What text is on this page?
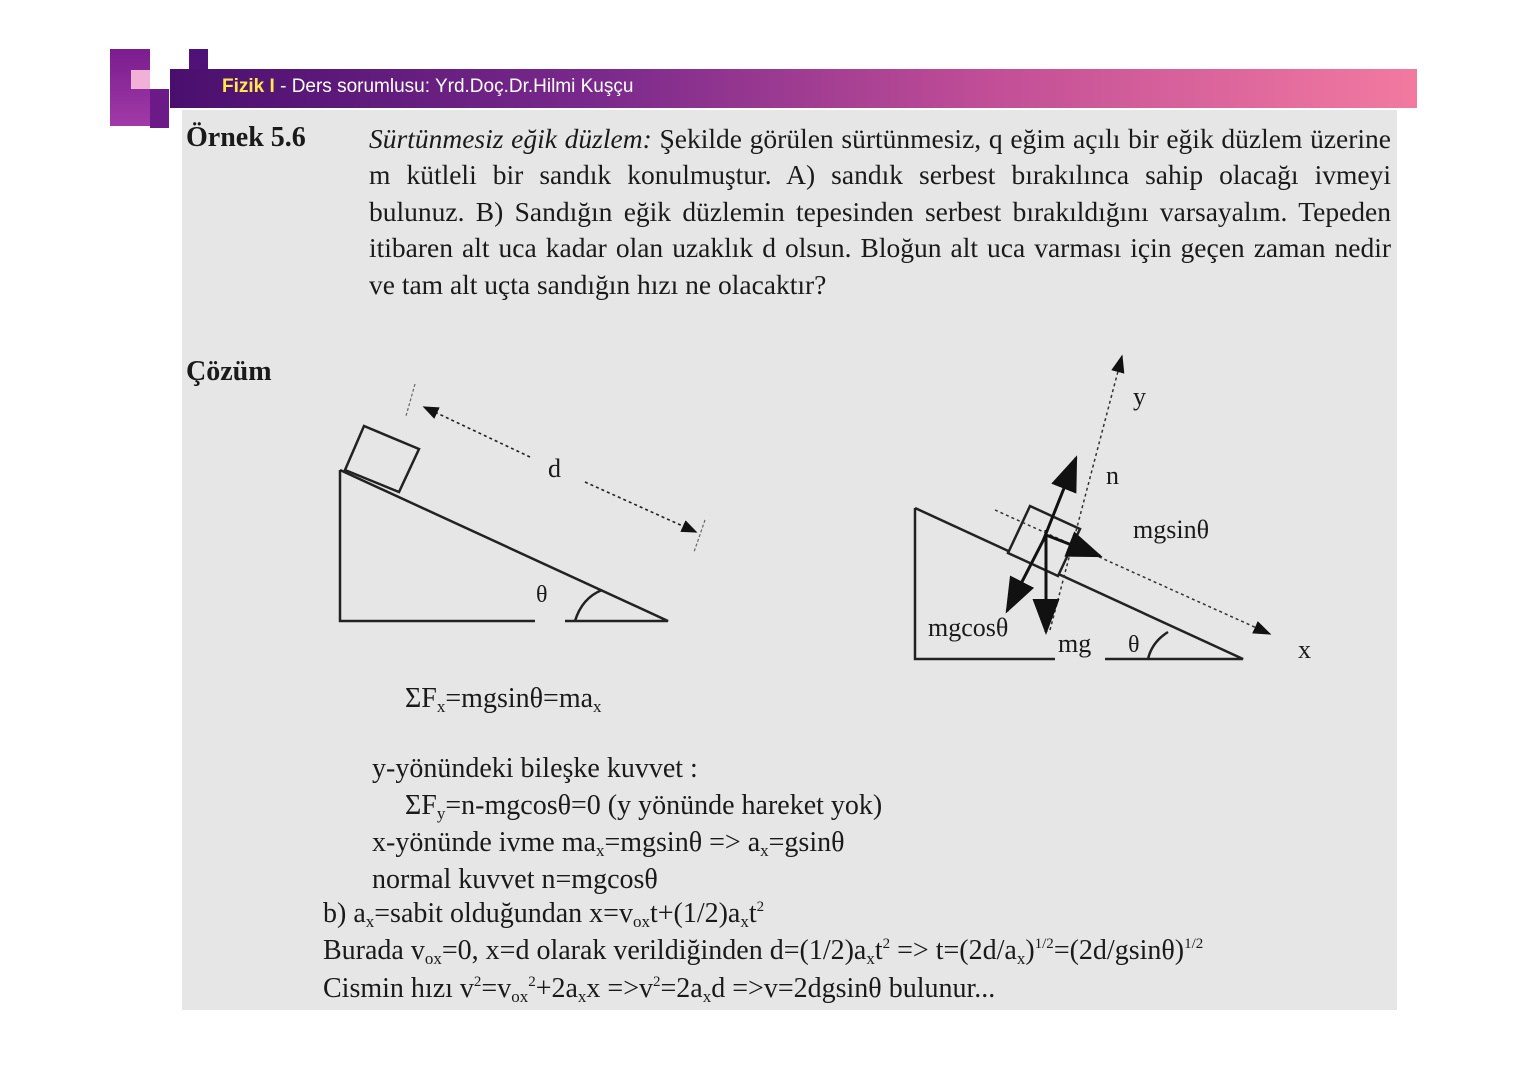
Fizik I - Ders sorumlusu: Yrd.Doç.Dr.Hilmi Kuşçu
Örnek 5.6 Sürtünmesiz eğik düzlem: Şekilde görülen sürtünmesiz, q eğim açılı bir eğik düzlem üzerine m kütleli bir sandık konulmuştur. A) sandık serbest bırakılınca sahip olacağı ivmeyi bulunuz. B) Sandığın eğik düzlemin tepesinden serbest bırakıldığını varsayalım. Tepeden itibaren alt uca kadar olan uzaklık d olsun. Bloğun alt uca varması için geçen zaman nedir ve tam alt uçta sandığın hızı ne olacaktır?
Çözüm
θ
d
θ
y
n
mgsinθ
mgcosθ
mg	x
$\Sigma F_x=mgsin\theta=ma_x$
y-yönündeki bileşke kuvvet :
$\Sigma F_y=n-mgcos\theta=0$ (y yönünde hareket yok)
x-yönünde ivme $ma_x=mgsin\theta => a_x=gsin\theta$
normal kuvvet n=mgcosθ
b) $a_x=sabit$ olduğundan $x=v_{ox}t+(1/2)a_xt^2$
Burada $v_{ox}=0$, x=d olarak verildiğinden $d=(1/2)a_xt^2 => t=(2d/a_x)^{1/2}=(2d/gsin\theta)^{1/2}$
Cismin hızı $v^2=v_{ox}^2+2a_xx =>v^2=2a_xd =>v=2dgsin\theta$ bulunur...
